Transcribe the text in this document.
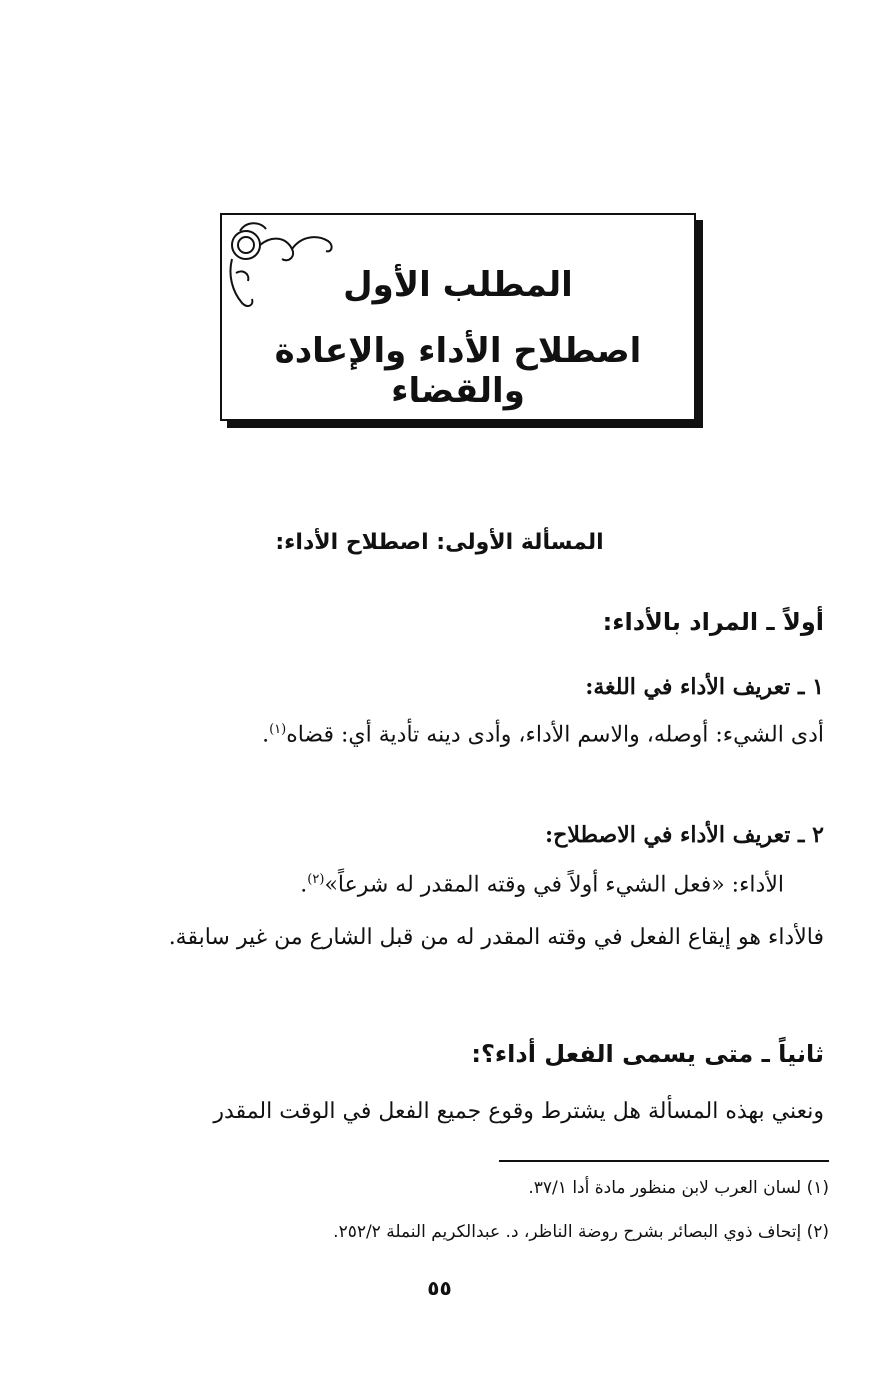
المطلب الأول
اصطلاح الأداء والإعادة والقضاء
المسألة الأولى: اصطلاح الأداء:
أولاً ـ المراد بالأداء:
١ ـ تعريف الأداء في اللغة:
أدى الشيء: أوصله، والاسم الأداء، وأدى دينه تأدية أي: قضاه$^{(١)}$.
٢ ـ تعريف الأداء في الاصطلاح:
الأداء: «فعل الشيء أولاً في وقته المقدر له شرعاً»$^{(٢)}$.
فالأداء هو إيقاع الفعل في وقته المقدر له من قبل الشارع من غير سابقة.
ثانياً ـ متى يسمى الفعل أداء؟:
ونعني بهذه المسألة هل يشترط وقوع جميع الفعل في الوقت المقدر
(١) لسان العرب لابن منظور مادة أدا ٣٧/١.
(٢) إتحاف ذوي البصائر بشرح روضة الناظر، د. عبدالكريم النملة ٢٥٢/٢.
٥٥
